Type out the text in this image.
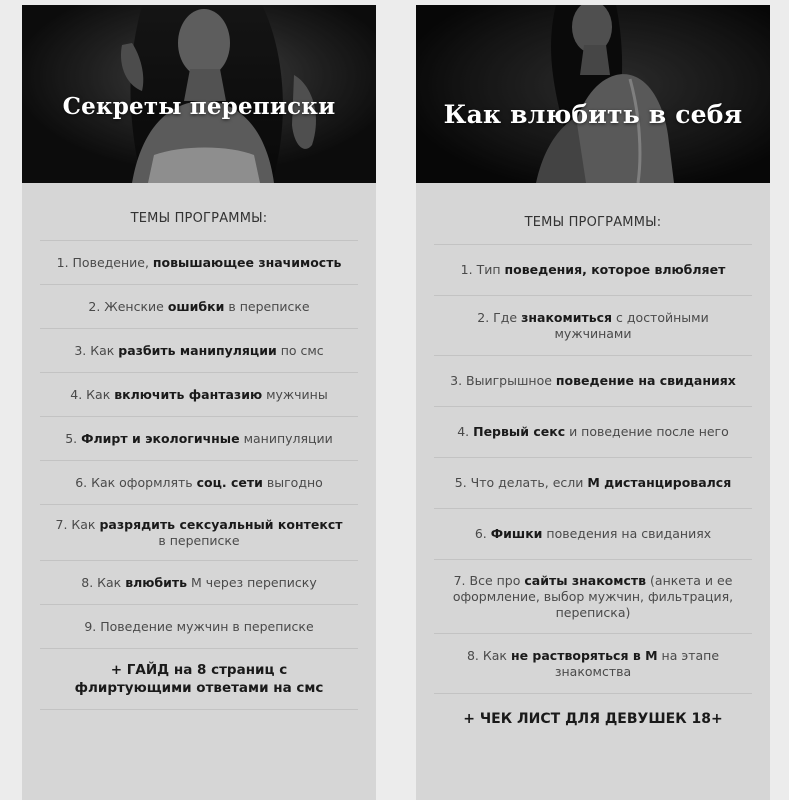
Секреты переписки
ТЕМЫ ПРОГРАММЫ:
1. Поведение, повышающее значимость
2. Женские ошибки в переписке
3. Как разбить манипуляции по смс
4. Как включить фантазию мужчины
5. Флирт и экологичные манипуляции
6. Как оформлять соц. сети выгодно
7. Как разрядить сексуальный контекст в переписке
8. Как влюбить М через переписку
9. Поведение мужчин в переписке
+ ГАЙД на 8 страниц с флиртующими ответами на смс
Как влюбить в себя
ТЕМЫ ПРОГРАММЫ:
1. Тип поведения, которое влюбляет
2. Где знакомиться с достойными мужчинами
3. Выигрышное поведение на свиданиях
4. Первый секс и поведение после него
5. Что делать, если М дистанцировался
6. Фишки поведения на свиданиях
7. Все про сайты знакомств (анкета и ее оформление, выбор мужчин, фильтрация, переписка)
8. Как не растворяться в М на этапе знакомства
+ ЧЕК ЛИСТ ДЛЯ ДЕВУШЕК 18+
